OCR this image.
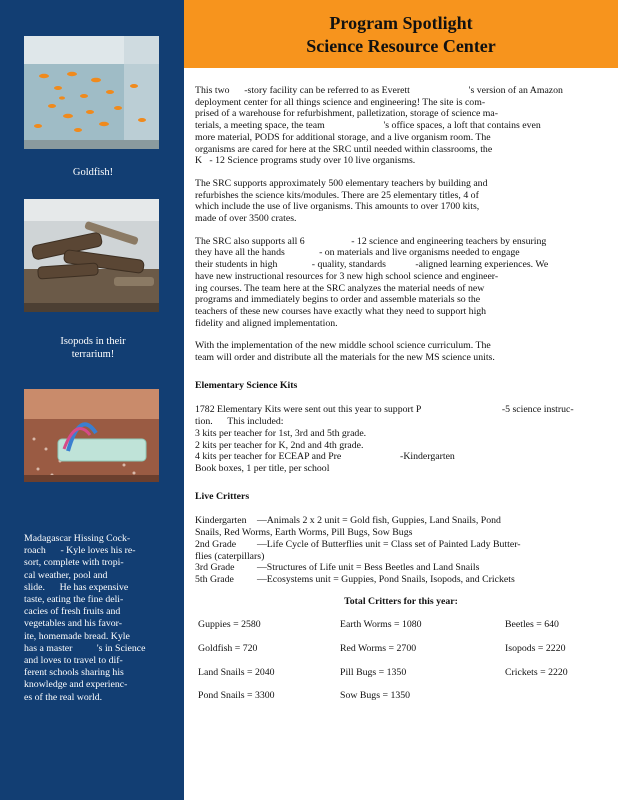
Goldfish!
Isopods in their
terrarium!
Madagascar Hissing Cock-
roach      - Kyle loves his re-
sort, complete with tropi-
cal weather, pool and
slide.      He has expensive
taste, eating the fine deli-
cacies of fresh fruits and
vegetables and his favor-
ite, homemade bread. Kyle
has a master          's in Science
and loves to travel to dif-
ferent schools sharing his
knowledge and experienc-
es of the real world.
Program Spotlight
Science Resource Center

This two      -story facility can be referred to as Everett                        's version of an Amazon
deployment center for all things science and engineering! The site is com-
prised of a warehouse for refurbishment, palletization, storage of science ma-
terials, a meeting space, the team                        's office spaces, a loft that contains even
more material, PODS for additional storage, and a live organism room. The
organisms are cared for here at the SRC until needed within classrooms, the
K   - 12 Science programs study over 10 live organisms.

The SRC supports approximately 500 elementary teachers by building and
refurbishes the science kits/modules. There are 25 elementary titles, 4 of
which include the use of live organisms. This amounts to over 1700 kits,
made of over 3500 crates.

The SRC also supports all 6                   - 12 science and engineering teachers by ensuring
they have all the hands              - on materials and live organisms needed to engage
their students in high              - quality, standards            -aligned learning experiences. We
have new instructional resources for 3 new high school science and engineer-
ing courses. The team here at the SRC analyzes the material needs of new
programs and immediately begins to order and assemble materials so the
teachers of these new courses have exactly what they need to support high
fidelity and aligned implementation.

With the implementation of the new middle school science curriculum. The
team will order and distribute all the materials for the new MS science units.

Elementary Science Kits

1782 Elementary Kits were sent out this year to support P                                 -5 science instruc-
tion.      This included:
3 kits per teacher for 1st, 3rd and 5th grade.
2 kits per teacher for K, 2nd and 4th grade.
4 kits per teacher for ECEAP and Pre                        -Kindergarten
Book boxes, 1 per title, per school

Live Critters
Kindergarten	—Animals 2 x 2 unit = Gold fish, Guppies, Land Snails, Pond
Snails, Red Worms, Earth Worms, Pill Bugs, Sow Bugs
2nd Grade	—Life Cycle of Butterflies unit = Class set of Painted Lady Butter-
flies (caterpillars)
3rd Grade	—Structures of Life unit = Bess Beetles and Land Snails
5th Grade	—Ecosystems unit = Guppies, Pond Snails, Isopods, and Crickets
Total Critters for this year:
Guppies = 2580	Earth Worms = 1080	Beetles = 640
Goldfish = 720	Red Worms = 2700	Isopods = 2220
Land Snails = 2040	Pill Bugs = 1350	Crickets = 2220
Pond Snails = 3300	Sow Bugs = 1350
